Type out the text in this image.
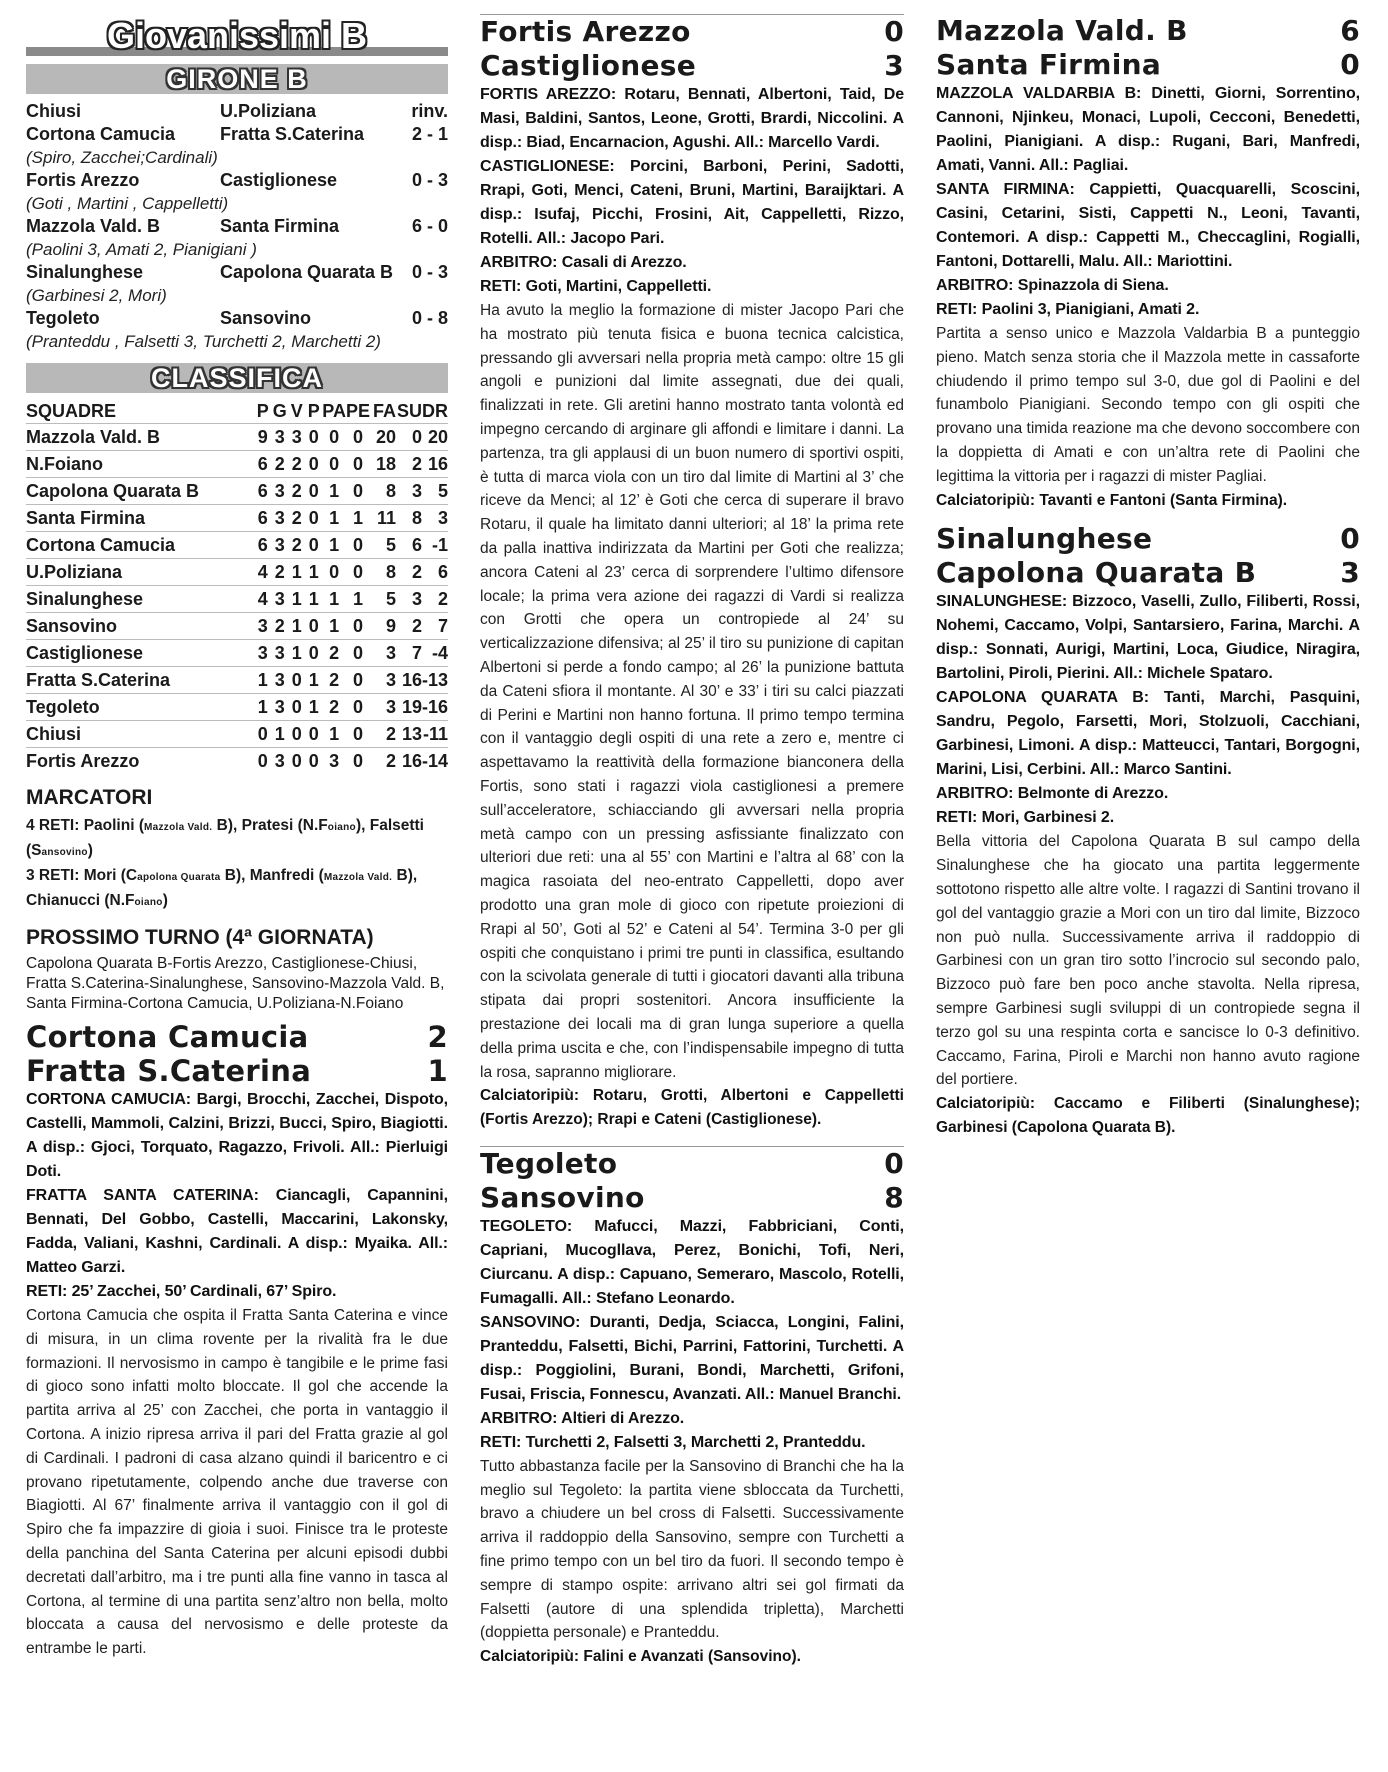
Giovanissimi B
GIRONE B
Chiusi	U.Poliziana	rinv.
Cortona Camucia	Fratta S.Caterina	2 - 1
(Spiro, Zacchei;Cardinali)
Fortis Arezzo	Castiglionese	0 - 3
(Goti , Martini , Cappelletti)
Mazzola Vald. B	Santa Firmina	6 - 0
(Paolini 3, Amati 2, Pianigiani )
Sinalunghese	Capolona Quarata B	0 - 3
(Garbinesi 2, Mori)
Tegoleto	Sansovino	0 - 8
(Pranteddu , Falsetti 3, Turchetti 2, Marchetti 2)
CLASSIFICA
SQUADRE	P	G	V	P	PA	PE	FA	SU	DR
Mazzola Vald. B	9	3	3	0	0	0	20	0	20
N.Foiano	6	2	2	0	0	0	18	2	16
Capolona Quarata B	6	3	2	0	1	0	8	3	5
Santa Firmina	6	3	2	0	1	1	11	8	3
Cortona Camucia	6	3	2	0	1	0	5	6	-1
U.Poliziana	4	2	1	1	0	0	8	2	6
Sinalunghese	4	3	1	1	1	1	5	3	2
Sansovino	3	2	1	0	1	0	9	2	7
Castiglionese	3	3	1	0	2	0	3	7	-4
Fratta S.Caterina	1	3	0	1	2	0	3	16	-13
Tegoleto	1	3	0	1	2	0	3	19	-16
Chiusi	0	1	0	0	1	0	2	13	-11
Fortis Arezzo	0	3	0	0	3	0	2	16	-14
MARCATORI
4 RETI: Paolini (Mazzola Vald. B), Pratesi (N.Foiano), Falsetti (Sansovino)
3 RETI: Mori (Capolona Quarata B), Manfredi (Mazzola Vald. B), Chianucci (N.Foiano)
PROSSIMO TURNO (4ª GIORNATA)
Capolona Quarata B-Fortis Arezzo, Castiglionese-Chiusi, Fratta S.Caterina-Sinalunghese, Sansovino-Mazzola Vald. B, Santa Firmina-Cortona Camucia, U.Poliziana-N.Foiano
Cortona Camucia	2
Fratta S.Caterina	1
CORTONA CAMUCIA: Bargi, Brocchi, Zacchei, Dispoto, Castelli, Mammoli, Calzini, Brizzi, Bucci, Spiro, Biagiotti. A disp.: Gjoci, Torquato, Ragazzo, Frivoli. All.: Pierluigi Doti.
FRATTA SANTA CATERINA: Ciancagli, Capannini, Bennati, Del Gobbo, Castelli, Maccarini, Lakonsky, Fadda, Valiani, Kashni, Cardinali. A disp.: Myaika. All.: Matteo Garzi.
RETI: 25’ Zacchei, 50’ Cardinali, 67’ Spiro.
Cortona Camucia che ospita il Fratta Santa Caterina e vince di misura, in un clima rovente per la rivalità fra le due formazioni. Il nervosismo in campo è tangibile e le prime fasi di gioco sono infatti molto bloccate. Il gol che accende la partita arriva al 25’ con Zacchei, che porta in vantaggio il Cortona. A inizio ripresa arriva il pari del Fratta grazie al gol di Cardinali. I padroni di casa alzano quindi il baricentro e ci provano ripetutamente, colpendo anche due traverse con Biagiotti. Al 67’ finalmente arriva il vantaggio con il gol di Spiro che fa impazzire di gioia i suoi. Finisce tra le proteste della panchina del Santa Caterina per alcuni episodi dubbi decretati dall’arbitro, ma i tre punti alla fine vanno in tasca al Cortona, al termine di una partita senz’altro non bella, molto bloccata a causa del nervosismo e delle proteste da entrambe le parti.
Fortis Arezzo	0
Castiglionese	3
FORTIS AREZZO: Rotaru, Bennati, Albertoni, Taid, De Masi, Baldini, Santos, Leone, Grotti, Brardi, Niccolini. A disp.: Biad, Encarnacion, Agushi. All.: Marcello Vardi.
CASTIGLIONESE: Porcini, Barboni, Perini, Sadotti, Rrapi, Goti, Menci, Cateni, Bruni, Martini, Baraijktari. A disp.: Isufaj, Picchi, Frosini, Ait, Cappelletti, Rizzo, Rotelli. All.: Jacopo Pari.
ARBITRO: Casali di Arezzo.
RETI: Goti, Martini, Cappelletti.
Ha avuto la meglio la formazione di mister Jacopo Pari che ha mostrato più tenuta fisica e buona tecnica calcistica, pressando gli avversari nella propria metà campo: oltre 15 gli angoli e punizioni dal limite assegnati, due dei quali, finalizzati in rete. Gli aretini hanno mostrato tanta volontà ed impegno cercando di arginare gli affondi e limitare i danni. La partenza, tra gli applausi di un buon numero di sportivi ospiti, è tutta di marca viola con un tiro dal limite di Martini al 3’ che riceve da Menci; al 12’ è Goti che cerca di superare il bravo Rotaru, il quale ha limitato danni ulteriori; al 18’ la prima rete da palla inattiva indirizzata da Martini per Goti che realizza; ancora Cateni al 23’ cerca di sorprendere l’ultimo difensore locale; la prima vera azione dei ragazzi di Vardi si realizza con Grotti che opera un contropiede al 24’ su verticalizzazione difensiva; al 25’ il tiro su punizione di capitan Albertoni si perde a fondo campo; al 26’ la punizione battuta da Cateni sfiora il montante. Al 30’ e 33’ i tiri su calci piazzati di Perini e Martini non hanno fortuna. Il primo tempo termina con il vantaggio degli ospiti di una rete a zero e, mentre ci aspettavamo la reattività della formazione bianconera della Fortis, sono stati i ragazzi viola castiglionesi a premere sull’acceleratore, schiacciando gli avversari nella propria metà campo con un pressing asfissiante finalizzato con ulteriori due reti: una al 55’ con Martini e l’altra al 68’ con la magica rasoiata del neo-entrato Cappelletti, dopo aver prodotto una gran mole di gioco con ripetute proiezioni di Rrapi al 50’, Goti al 52’ e Cateni al 54’. Termina 3-0 per gli ospiti che conquistano i primi tre punti in classifica, esultando con la scivolata generale di tutti i giocatori davanti alla tribuna stipata dai propri sostenitori. Ancora insufficiente la prestazione dei locali ma di gran lunga superiore a quella della prima uscita e che, con l’indispensabile impegno di tutta la rosa, sapranno migliorare.
Calciatoripiù: Rotaru, Grotti, Albertoni e Cappelletti (Fortis Arezzo); Rrapi e Cateni (Castiglionese).
Tegoleto	0
Sansovino	8
TEGOLETO: Mafucci, Mazzi, Fabbriciani, Conti, Capriani, Mucogllava, Perez, Bonichi, Tofi, Neri, Ciurcanu. A disp.: Capuano, Semeraro, Mascolo, Rotelli, Fumagalli. All.: Stefano Leonardo.
SANSOVINO: Duranti, Dedja, Sciacca, Longini, Falini, Pranteddu, Falsetti, Bichi, Parrini, Fattorini, Turchetti. A disp.: Poggiolini, Burani, Bondi, Marchetti, Grifoni, Fusai, Friscia, Fonnescu, Avanzati. All.: Manuel Branchi.
ARBITRO: Altieri di Arezzo.
RETI: Turchetti 2, Falsetti 3, Marchetti 2, Pranteddu.
Tutto abbastanza facile per la Sansovino di Branchi che ha la meglio sul Tegoleto: la partita viene sbloccata da Turchetti, bravo a chiudere un bel cross di Falsetti. Successivamente arriva il raddoppio della Sansovino, sempre con Turchetti a fine primo tempo con un bel tiro da fuori. Il secondo tempo è sempre di stampo ospite: arrivano altri sei gol firmati da Falsetti (autore di una splendida tripletta), Marchetti (doppietta personale) e Pranteddu.
Calciatoripiù: Falini e Avanzati (Sansovino).
Mazzola Vald. B	6
Santa Firmina	0
MAZZOLA VALDARBIA B: Dinetti, Giorni, Sorrentino, Cannoni, Njinkeu, Monaci, Lupoli, Cecconi, Benedetti, Paolini, Pianigiani. A disp.: Rugani, Bari, Manfredi, Amati, Vanni. All.: Pagliai.
SANTA FIRMINA: Cappietti, Quacquarelli, Scoscini, Casini, Cetarini, Sisti, Cappetti N., Leoni, Tavanti, Contemori. A disp.: Cappetti M., Checcaglini, Rogialli, Fantoni, Dottarelli, Malu. All.: Mariottini.
ARBITRO: Spinazzola di Siena.
RETI: Paolini 3, Pianigiani, Amati 2.
Partita a senso unico e Mazzola Valdarbia B a punteggio pieno. Match senza storia che il Mazzola mette in cassaforte chiudendo il primo tempo sul 3-0, due gol di Paolini e del funambolo Pianigiani. Secondo tempo con gli ospiti che provano una timida reazione ma che devono soccombere con la doppietta di Amati e con un’altra rete di Paolini che legittima la vittoria per i ragazzi di mister Pagliai.
Calciatoripiù: Tavanti e Fantoni (Santa Firmina).
Sinalunghese	0
Capolona Quarata B	3
SINALUNGHESE: Bizzoco, Vaselli, Zullo, Filiberti, Rossi, Nohemi, Caccamo, Volpi, Santarsiero, Farina, Marchi. A disp.: Sonnati, Aurigi, Martini, Loca, Giudice, Niragira, Bartolini, Piroli, Pierini. All.: Michele Spataro.
CAPOLONA QUARATA B: Tanti, Marchi, Pasquini, Sandru, Pegolo, Farsetti, Mori, Stolzuoli, Cacchiani, Garbinesi, Limoni. A disp.: Matteucci, Tantari, Borgogni, Marini, Lisi, Cerbini. All.: Marco Santini.
ARBITRO: Belmonte di Arezzo.
RETI: Mori, Garbinesi 2.
Bella vittoria del Capolona Quarata B sul campo della Sinalunghese che ha giocato una partita leggermente sottotono rispetto alle altre volte. I ragazzi di Santini trovano il gol del vantaggio grazie a Mori con un tiro dal limite, Bizzoco non può nulla. Successivamente arriva il raddoppio di Garbinesi con un gran tiro sotto l’incrocio sul secondo palo, Bizzoco può fare ben poco anche stavolta. Nella ripresa, sempre Garbinesi sugli sviluppi di un contropiede segna il terzo gol su una respinta corta e sancisce lo 0-3 definitivo. Caccamo, Farina, Piroli e Marchi non hanno avuto ragione del portiere.
Calciatoripiù: Caccamo e Filiberti (Sinalunghese); Garbinesi (Capolona Quarata B).
